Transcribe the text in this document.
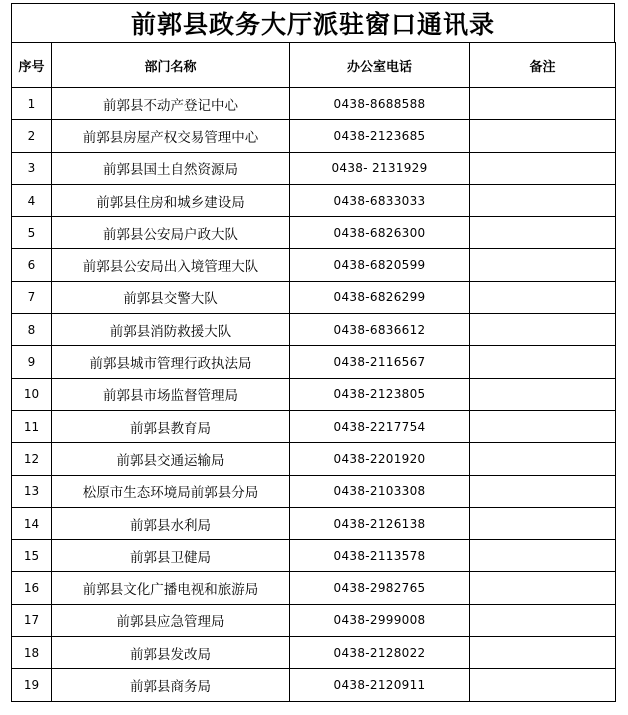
前郭县政务大厅派驻窗口通讯录
序号	部门名称	办公室电话	备注
1	前郭县不动产登记中心	0438-8688588	
2	前郭县房屋产权交易管理中心	0438-2123685	
3	前郭县国土自然资源局	0438- 2131929	
4	前郭县住房和城乡建设局	0438-6833033	
5	前郭县公安局户政大队	0438-6826300	
6	前郭县公安局出入境管理大队	0438-6820599	
7	前郭县交警大队	0438-6826299	
8	前郭县消防救援大队	0438-6836612	
9	前郭县城市管理行政执法局	0438-2116567	
10	前郭县市场监督管理局	0438-2123805	
11	前郭县教育局	0438-2217754	
12	前郭县交通运输局	0438-2201920	
13	松原市生态环境局前郭县分局	0438-2103308	
14	前郭县水利局	0438-2126138	
15	前郭县卫健局	0438-2113578	
16	前郭县文化广播电视和旅游局	0438-2982765	
17	前郭县应急管理局	0438-2999008	
18	前郭县发改局	0438-2128022	
19	前郭县商务局	0438-2120911	
